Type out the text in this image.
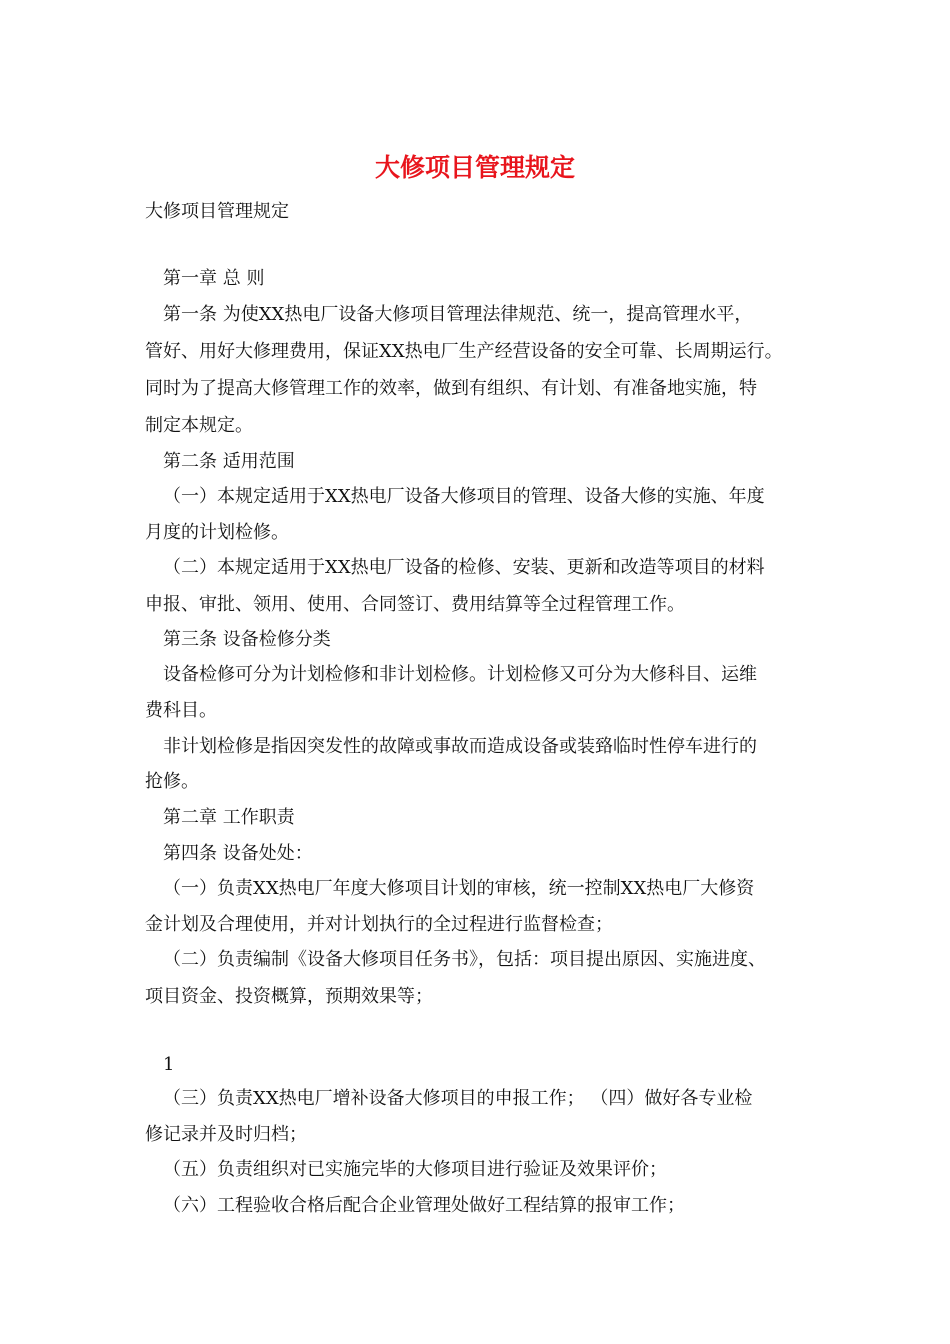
大修项目管理规定
大修项目管理规定
第一章 总 则
第一条 为使XX热电厂设备大修项目管理法律规范、统一，提高管理水平，
管好、用好大修理费用，保证XX热电厂生产经营设备的安全可靠、长周期运行。
同时为了提高大修管理工作的效率，做到有组织、有计划、有准备地实施，特
制定本规定。
第二条 适用范围
（一）本规定适用于XX热电厂设备大修项目的管理、设备大修的实施、年度
月度的计划检修。
（二）本规定适用于XX热电厂设备的检修、安装、更新和改造等项目的材料
申报、审批、领用、使用、合同签订、费用结算等全过程管理工作。
第三条 设备检修分类
设备检修可分为计划检修和非计划检修。计划检修又可分为大修科目、运维
费科目。
非计划检修是指因突发性的故障或事故而造成设备或装臵临时性停车进行的
抢修。
第二章 工作职责
第四条 设备处处：
（一）负责XX热电厂年度大修项目计划的审核，统一控制XX热电厂大修资
金计划及合理使用，并对计划执行的全过程进行监督检查；
（二）负责编制《设备大修项目任务书》，包括：项目提出原因、实施进度、
项目资金、投资概算，预期效果等；
1
（三）负责XX热电厂增补设备大修项目的申报工作； （四）做好各专业检
修记录并及时归档；
（五）负责组织对已实施完毕的大修项目进行验证及效果评价；
（六）工程验收合格后配合企业管理处做好工程结算的报审工作；
